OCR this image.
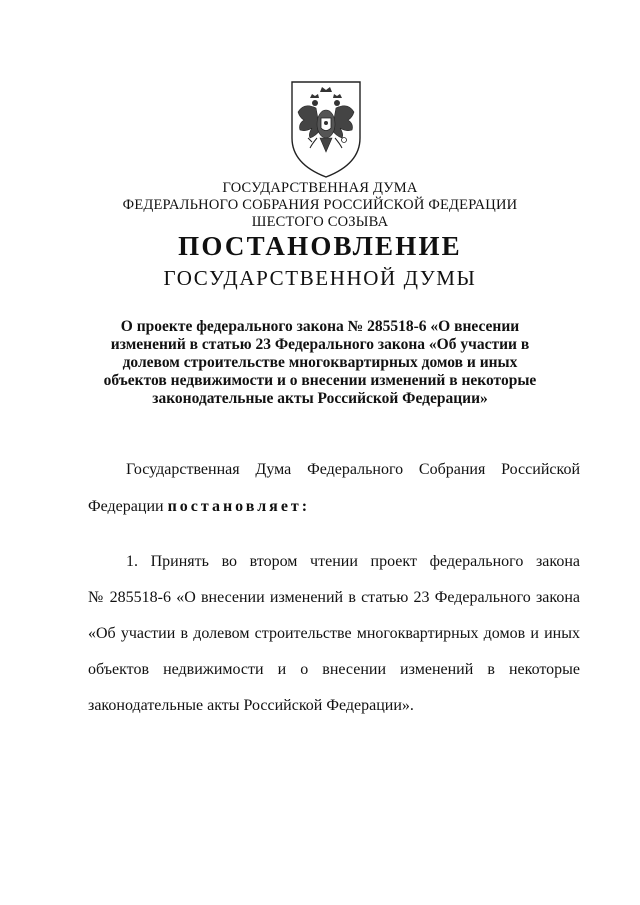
ГОСУДАРСТВЕННАЯ ДУМА
ФЕДЕРАЛЬНОГО СОБРАНИЯ РОССИЙСКОЙ ФЕДЕРАЦИИ
ШЕСТОГО СОЗЫВА
ПОСТАНОВЛЕНИЕ
ГОСУДАРСТВЕННОЙ ДУМЫ
О проекте федерального закона № 285518-6 «О внесении
изменений в статью 23 Федерального закона «Об участии в
долевом строительстве многоквартирных домов и иных
объектов недвижимости и о внесении изменений в некоторые
законодательные акты Российской Федерации»
Государственная Дума Федерального Собрания Российской
Федерации постановляет:
1. Принять во втором чтении проект федерального закона
№ 285518-6 «О внесении изменений в статью 23 Федерального закона
«Об участии в долевом строительстве многоквартирных домов и иных
объектов недвижимости и о внесении изменений в некоторые
законодательные акты Российской Федерации».
